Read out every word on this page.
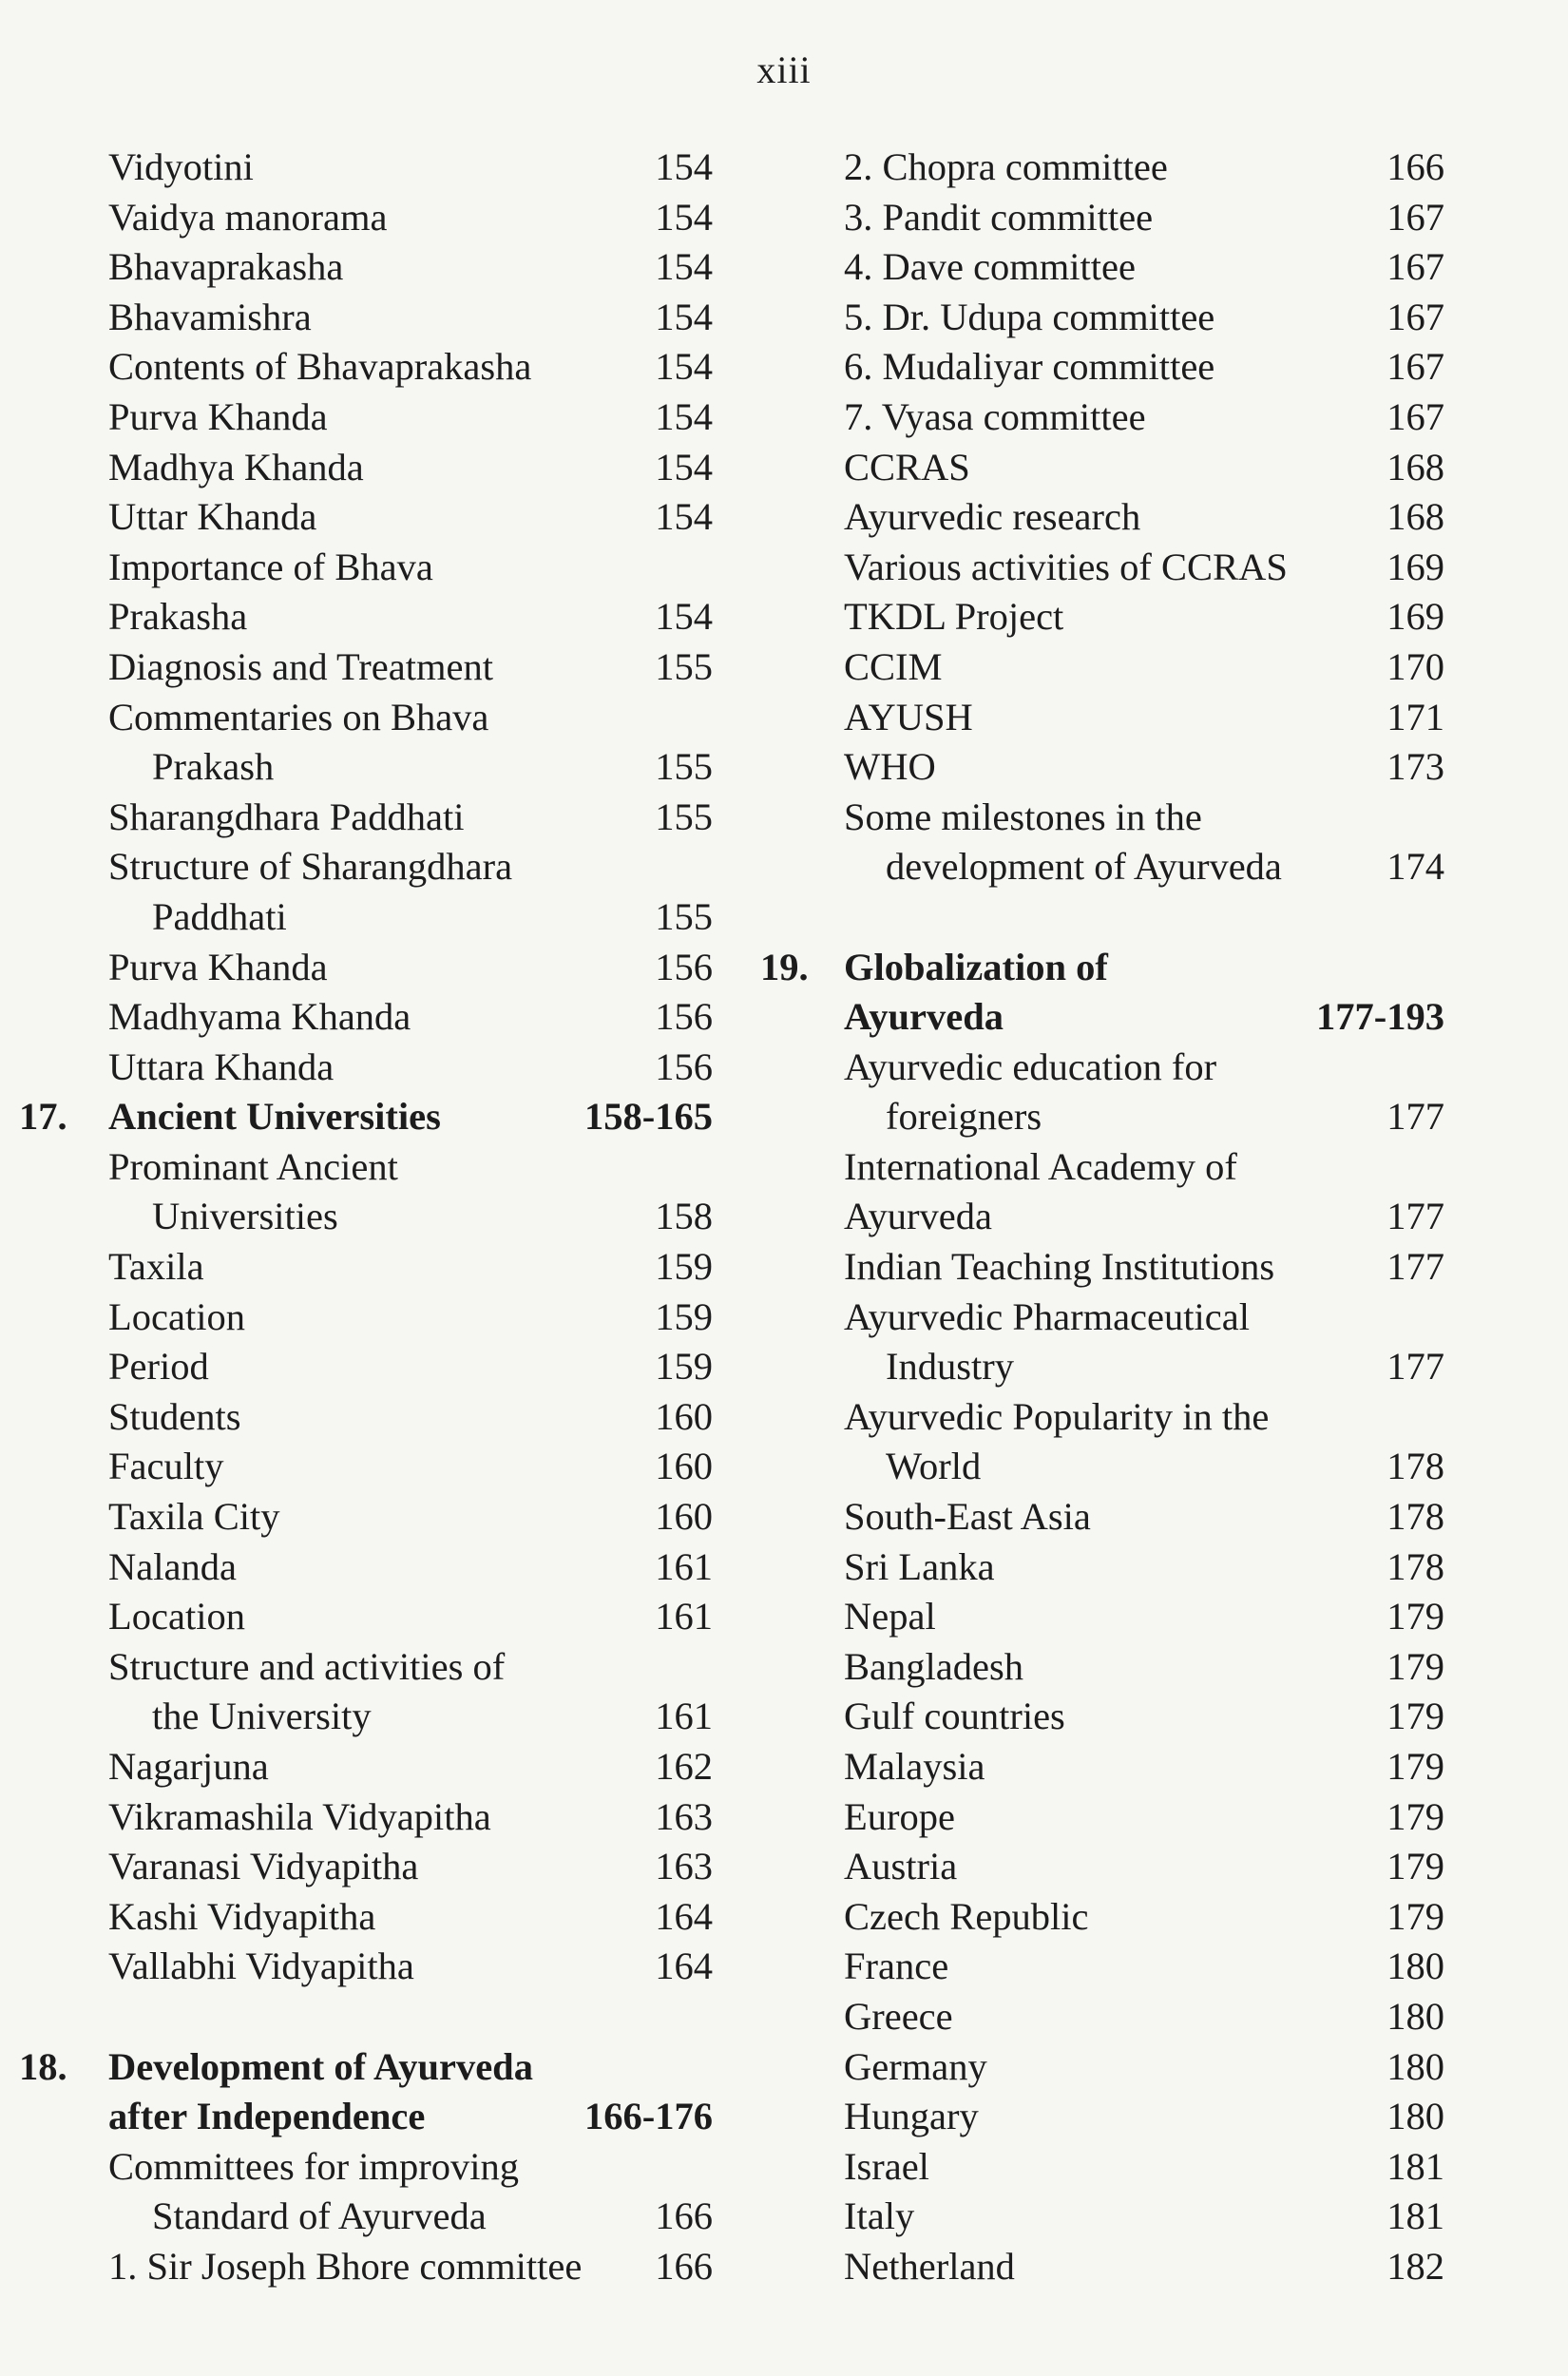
xiii
Vidyotini	154
Vaidya manorama	154
Bhavaprakasha	154
Bhavamishra	154
Contents of Bhavaprakasha	154
Purva Khanda	154
Madhya Khanda	154
Uttar Khanda	154
Importance of Bhava
Prakasha	154
Diagnosis and Treatment	155
Commentaries on Bhava
Prakash	155
Sharangdhara Paddhati	155
Structure of Sharangdhara
Paddhati	155
Purva Khanda	156
Madhyama Khanda	156
Uttara Khanda	156
17. Ancient Universities	158-165
Prominant Ancient
Universities	158
Taxila	159
Location	159
Period	159
Students	160
Faculty	160
Taxila City	160
Nalanda	161
Location	161
Structure and activities of
the University	161
Nagarjuna	162
Vikramashila Vidyapitha	163
Varanasi Vidyapitha	163
Kashi Vidyapitha	164
Vallabhi Vidyapitha	164
18. Development of Ayurveda
after Independence	166-176
Committees for improving
Standard of Ayurveda	166
1. Sir Joseph Bhore committee 166
2. Chopra committee	166
3. Pandit committee	167
4. Dave committee	167
5. Dr. Udupa committee	167
6. Mudaliyar committee	167
7. Vyasa committee	167
CCRAS	168
Ayurvedic research	168
Various activities of CCRAS	169
TKDL Project	169
CCIM	170
AYUSH	171
WHO	173
Some milestones in the
development of Ayurveda	174
19. Globalization of
Ayurveda	177-193
Ayurvedic education for
foreigners	177
International Academy of
Ayurveda	177
Indian Teaching Institutions	177
Ayurvedic Pharmaceutical
Industry	177
Ayurvedic Popularity in the
World	178
South-East Asia	178
Sri Lanka	178
Nepal	179
Bangladesh	179
Gulf countries	179
Malaysia	179
Europe	179
Austria	179
Czech Republic	179
France	180
Greece	180
Germany	180
Hungary	180
Israel	181
Italy	181
Netherland	182
